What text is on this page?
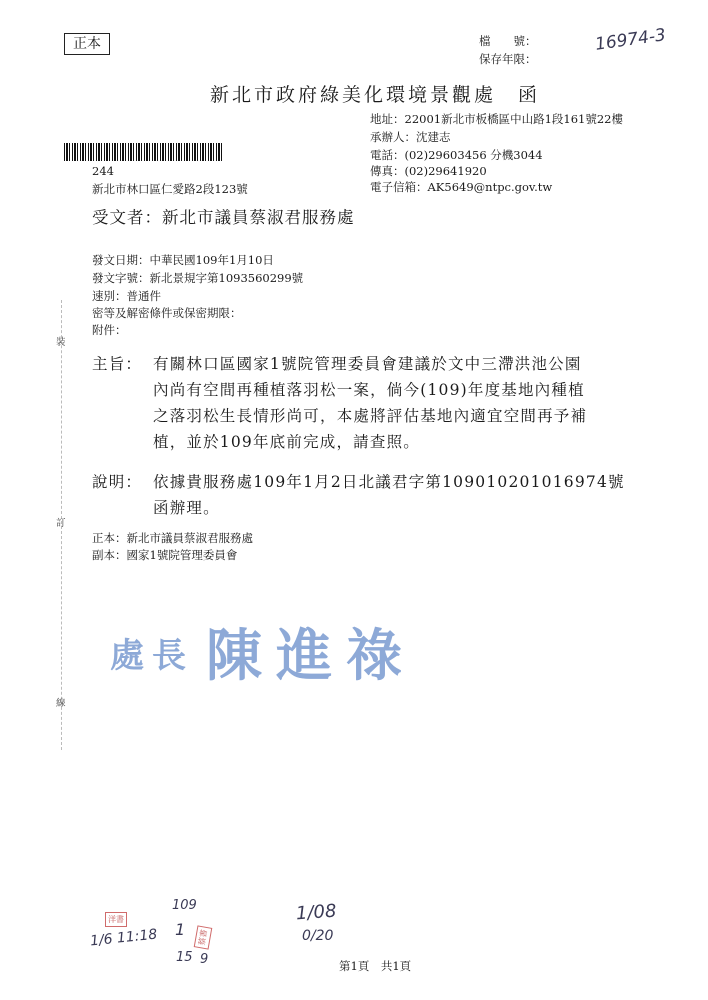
正本	檔　　號：
保存年限：
16974-3
新北市政府綠美化環境景觀處　函
地址：22001新北市板橋區中山路1段161號22樓
承辦人：沈建志
電話：(02)29603456 分機3044
傳真：(02)29641920
電子信箱：AK5649@ntpc.gov.tw
244
新北市林口區仁愛路2段123號
受文者：新北市議員蔡淑君服務處
發文日期：中華民國109年1月10日
發文字號：新北景規字第1093560299號
速別：普通件
密等及解密條件或保密期限：
附件：
裝
訂
線
主旨： 有關林口區國家1號院管理委員會建議於文中三滯洪池公園
內尚有空間再種植落羽松一案，倘今(109)年度基地內種植
之落羽松生長情形尚可，本處將評估基地內適宜空間再予補
植，並於109年底前完成，請查照。
說明： 依據貴服務處109年1月2日北議君字第109010201016974號
函辦理。
正本：新北市議員蔡淑君服務處
副本：國家1號院管理委員會
處長 陳進祿
洋書
1/6 11:18
109
1
15
蔡書
9
1/08
0/20
第1頁　共1頁
